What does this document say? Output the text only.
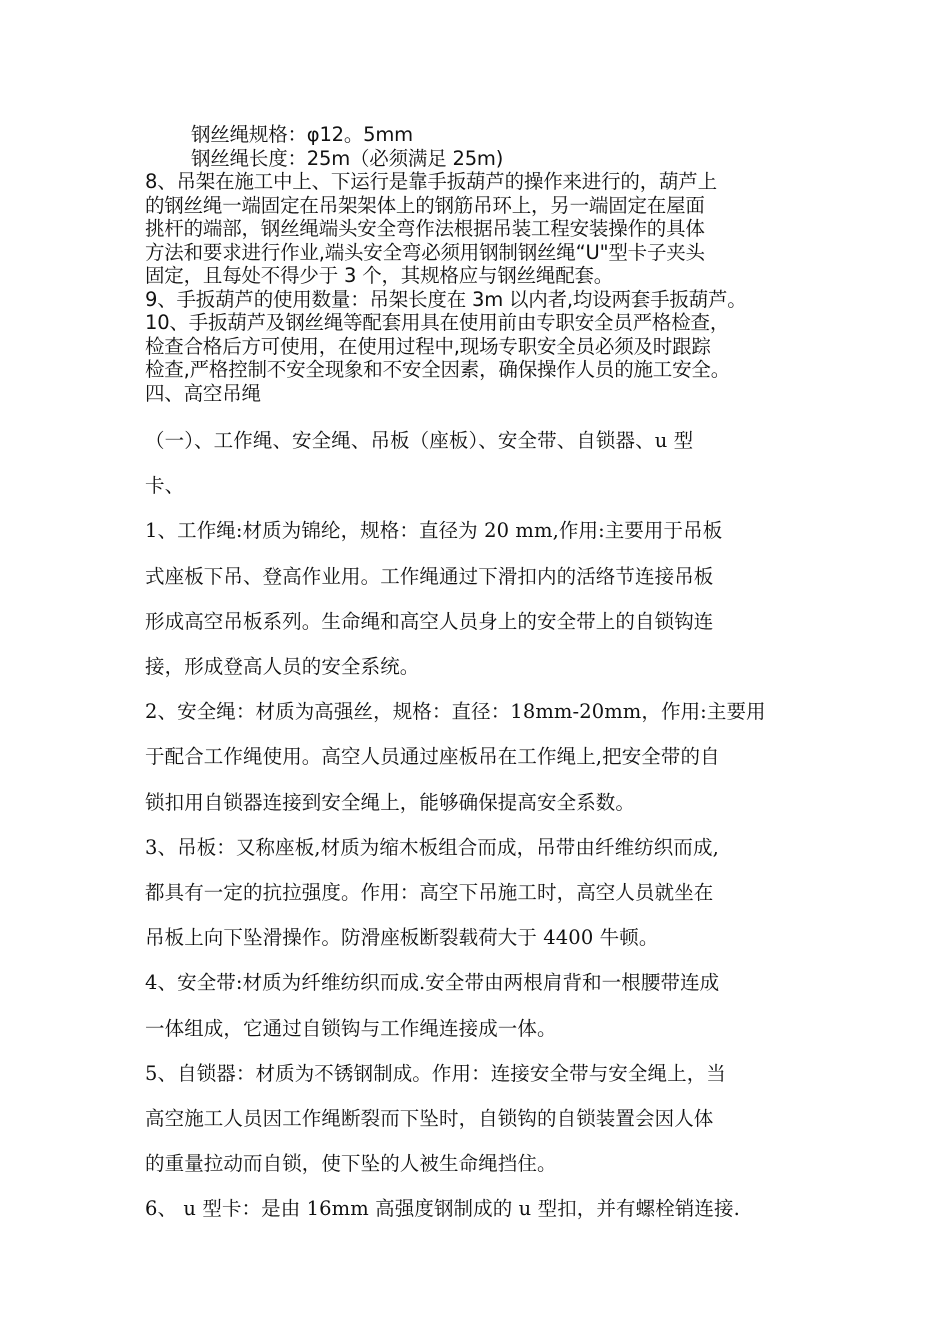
钢丝绳规格：φ12。5mm

钢丝绳长度：25m（必须满足 25m)

8、吊架在施工中上、下运行是靠手扳葫芦的操作来进行的，葫芦上

的钢丝绳一端固定在吊架架体上的钢筋吊环上，另一端固定在屋面

挑杆的端部，钢丝绳端头安全弯作法根据吊装工程安装操作的具体

方法和要求进行作业,端头安全弯必须用钢制钢丝绳“U"型卡子夹头

固定，且每处不得少于 3 个，其规格应与钢丝绳配套。

9、手扳葫芦的使用数量：吊架长度在 3m 以内者,均设两套手扳葫芦。

10、手扳葫芦及钢丝绳等配套用具在使用前由专职安全员严格检查，

检查合格后方可使用，在使用过程中,现场专职安全员必须及时跟踪

检查,严格控制不安全现象和不安全因素，确保操作人员的施工安全。

四、高空吊绳

（一）、工作绳、安全绳、吊板（座板）、安全带、自锁器、u 型

卡、

1、工作绳:材质为锦纶，规格：直径为 20 mm,作用:主要用于吊板

式座板下吊、登高作业用。工作绳通过下滑扣内的活络节连接吊板

形成高空吊板系列。生命绳和高空人员身上的安全带上的自锁钩连

接，形成登高人员的安全系统。

2、安全绳：材质为高强丝，规格：直径：18mm-20mm，作用:主要用

于配合工作绳使用。高空人员通过座板吊在工作绳上,把安全带的自

锁扣用自锁器连接到安全绳上，能够确保提高安全系数。

3、吊板：又称座板,材质为缩木板组合而成，吊带由纤维纺织而成,

都具有一定的抗拉强度。作用：高空下吊施工时，高空人员就坐在

吊板上向下坠滑操作。防滑座板断裂载荷大于 4400 牛顿。

4、安全带:材质为纤维纺织而成.安全带由两根肩背和一根腰带连成

一体组成，它通过自锁钩与工作绳连接成一体。

5、自锁器：材质为不锈钢制成。作用：连接安全带与安全绳上，当

高空施工人员因工作绳断裂而下坠时，自锁钩的自锁装置会因人体

的重量拉动而自锁，使下坠的人被生命绳挡住。

6、 u 型卡：是由 16mm 高强度钢制成的 u 型扣，并有螺栓销连接.
